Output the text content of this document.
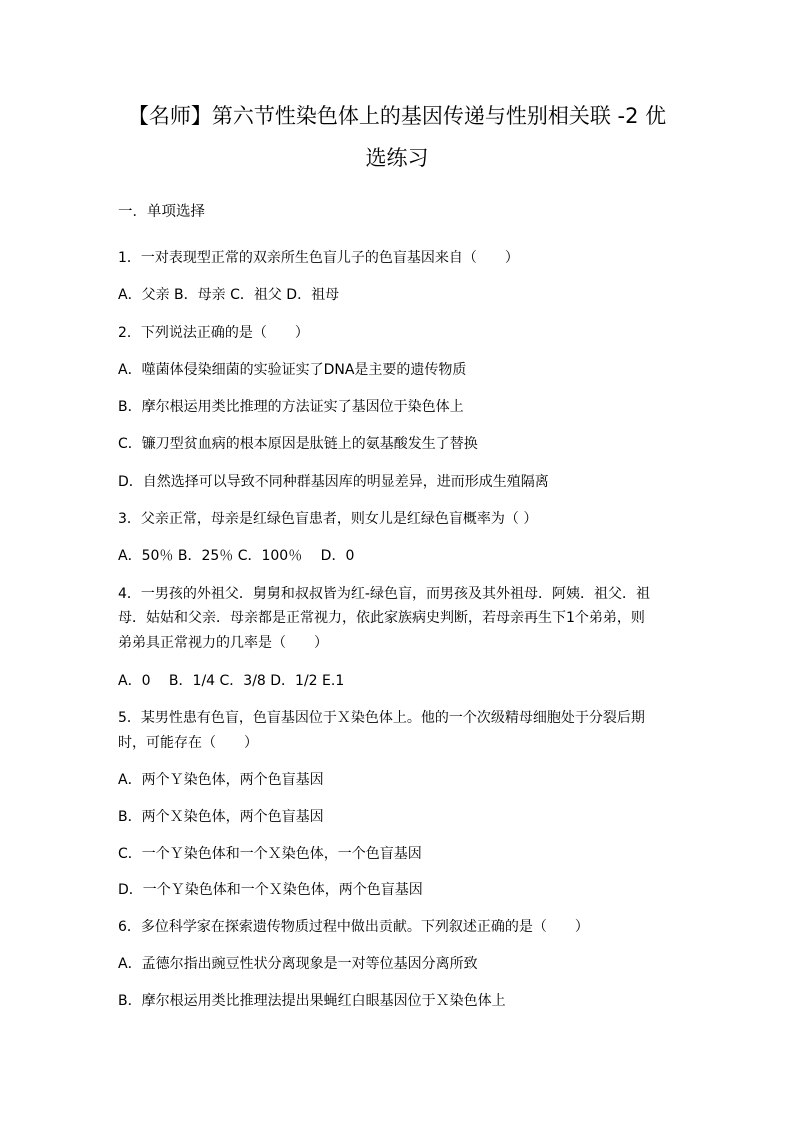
【名师】第六节性染色体上的基因传递与性别相关联 -2 优
选练习
一．单项选择
1．一对表现型正常的双亲所生色盲儿子的色盲基因来自（　　）
A．父亲 B．母亲 C．祖父 D．祖母
2．下列说法正确的是（　　）
A．噬菌体侵染细菌的实验证实了DNA是主要的遗传物质
B．摩尔根运用类比推理的方法证实了基因位于染色体上
C．镰刀型贫血病的根本原因是肽链上的氨基酸发生了替换
D．自然选择可以导致不同种群基因库的明显差异，进而形成生殖隔离
3．父亲正常，母亲是红绿色盲患者，则女儿是红绿色盲概率为（ ）
A．50％ B．25％ C．100％　 D．0
4．一男孩的外祖父．舅舅和叔叔皆为红-绿色盲，而男孩及其外祖母．阿姨．祖父．祖
母．姑姑和父亲．母亲都是正常视力，依此家族病史判断，若母亲再生下1个弟弟，则
弟弟具正常视力的几率是（　　）
A．0　 B．1/4 C．3/8 D．1/2 E.1
5．某男性患有色盲，色盲基因位于Ｘ染色体上。他的一个次级精母细胞处于分裂后期
时，可能存在（　　）
A．两个Ｙ染色体，两个色盲基因
B．两个Ｘ染色体，两个色盲基因
C．一个Ｙ染色体和一个Ｘ染色体，一个色盲基因
D．一个Ｙ染色体和一个Ｘ染色体，两个色盲基因
6．多位科学家在探索遗传物质过程中做出贡献。下列叙述正确的是（　　）
A．孟德尔指出豌豆性状分离现象是一对等位基因分离所致
B．摩尔根运用类比推理法提出果蝇红白眼基因位于Ｘ染色体上
